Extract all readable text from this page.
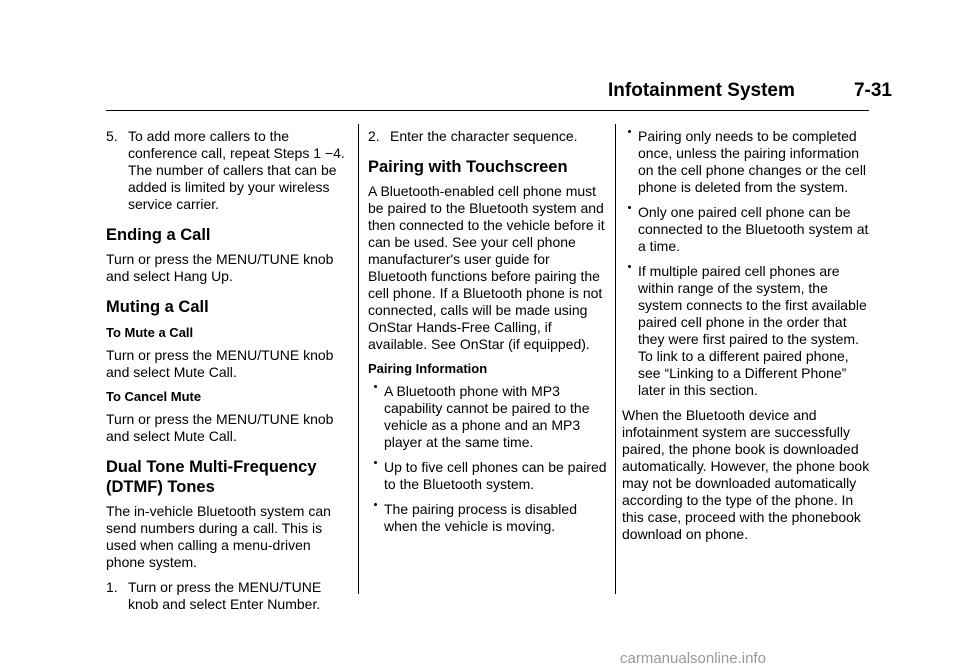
Infotainment System	7-31
5. To add more callers to the conference call, repeat Steps 1 −4. The number of callers that can be added is limited by your wireless service carrier.
Ending a Call

Turn or press the MENU/TUNE knob and select Hang Up.

Muting a Call
To Mute a Call

Turn or press the MENU/TUNE knob and select Mute Call.

To Cancel Mute

Turn or press the MENU/TUNE knob and select Mute Call.

Dual Tone Multi-Frequency (DTMF) Tones

The in-vehicle Bluetooth system can send numbers during a call. This is used when calling a menu-driven phone system.

1. Turn or press the MENU/TUNE knob and select Enter Number.
2. Enter the character sequence.
Pairing with Touchscreen

A Bluetooth-enabled cell phone must be paired to the Bluetooth system and then connected to the vehicle before it can be used. See your cell phone manufacturer's user guide for Bluetooth functions before pairing the cell phone. If a Bluetooth phone is not connected, calls will be made using OnStar Hands-Free Calling, if available. See OnStar (if equipped).

Pairing Information
A Bluetooth phone with MP3 capability cannot be paired to the vehicle as a phone and an MP3 player at the same time.
Up to five cell phones can be paired to the Bluetooth system.
The pairing process is disabled when the vehicle is moving.
Pairing only needs to be completed once, unless the pairing information on the cell phone changes or the cell phone is deleted from the system.
Only one paired cell phone can be connected to the Bluetooth system at a time.
If multiple paired cell phones are within range of the system, the system connects to the first available paired cell phone in the order that they were first paired to the system. To link to a different paired phone, see “Linking to a Different Phone” later in this section.

When the Bluetooth device and infotainment system are successfully paired, the phone book is downloaded automatically. However, the phone book may not be downloaded automatically according to the type of the phone. In this case, proceed with the phonebook download on phone.

carmanualsonline.info
